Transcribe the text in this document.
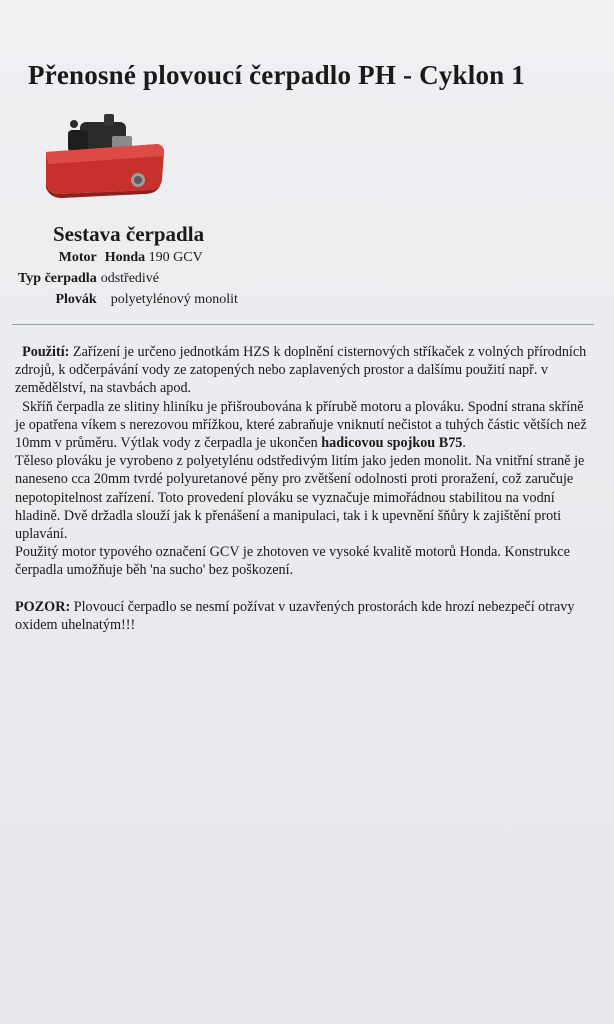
Přenosné plovoucí čerpadlo PH - Cyklon 1
Sestava čerpadla
Motor	Honda 190 GCV
Typ čerpadla	odstředivé
Plovák	polyetylénový monolit

Použití: Zařízení je určeno jednotkám HZS k doplnění cisternových stříkaček z volných přírodních zdrojů, k odčerpávání vody ze zatopených nebo zaplavených prostor a dalšímu použití např. v zemědělství, na stavbách apod.

Skříň čerpadla ze slitiny hliníku je přišroubována k přírubě motoru a plováku. Spodní strana skříně je opatřena víkem s nerezovou mřížkou, které zabraňuje vniknutí nečistot a tuhých částic větších než 10mm v průměru. Výtlak vody z čerpadla je ukončen hadicovou spojkou B75.

Těleso plováku je vyrobeno z polyetylénu odstředivým litím jako jeden monolit. Na vnitřní straně je naneseno cca 20mm tvrdé polyuretanové pěny pro zvětšení odolnosti proti proražení, což zaručuje nepotopitelnost zařízení. Toto provedení plováku se vyznačuje mimořádnou stabilitou na vodní hladině. Dvě držadla slouží jak k přenášení a manipulaci, tak i k upevnění šňůry k zajištění proti uplavání.

Použitý motor typového označení GCV je zhotoven ve vysoké kvalitě motorů Honda. Konstrukce čerpadla umožňuje běh 'na sucho' bez poškození.

POZOR: Plovoucí čerpadlo se nesmí požívat v uzavřených prostorách kde hrozí nebezpečí otravy oxidem uhelnatým!!!
